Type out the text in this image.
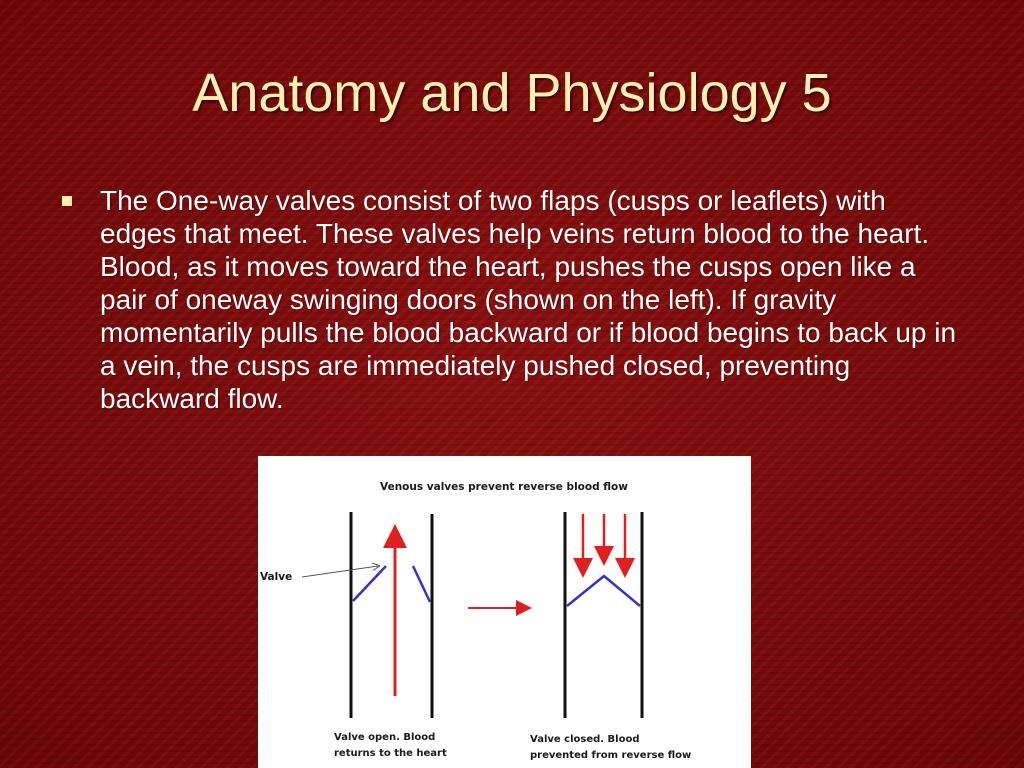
Anatomy and Physiology 5
The One-way valves consist of two flaps (cusps or leaflets) with edges that meet. These valves help veins return blood to the heart. Blood, as it moves toward the heart, pushes the cusps open like a pair of oneway swinging doors (shown on the left). If gravity momentarily pulls the blood backward or if blood begins to back up in a vein, the cusps are immediately pushed closed, preventing backward flow.
Venous valves prevent reverse blood flow
Valve
Valve open. Blood
returns to the heart
Valve closed. Blood
prevented from reverse flow
